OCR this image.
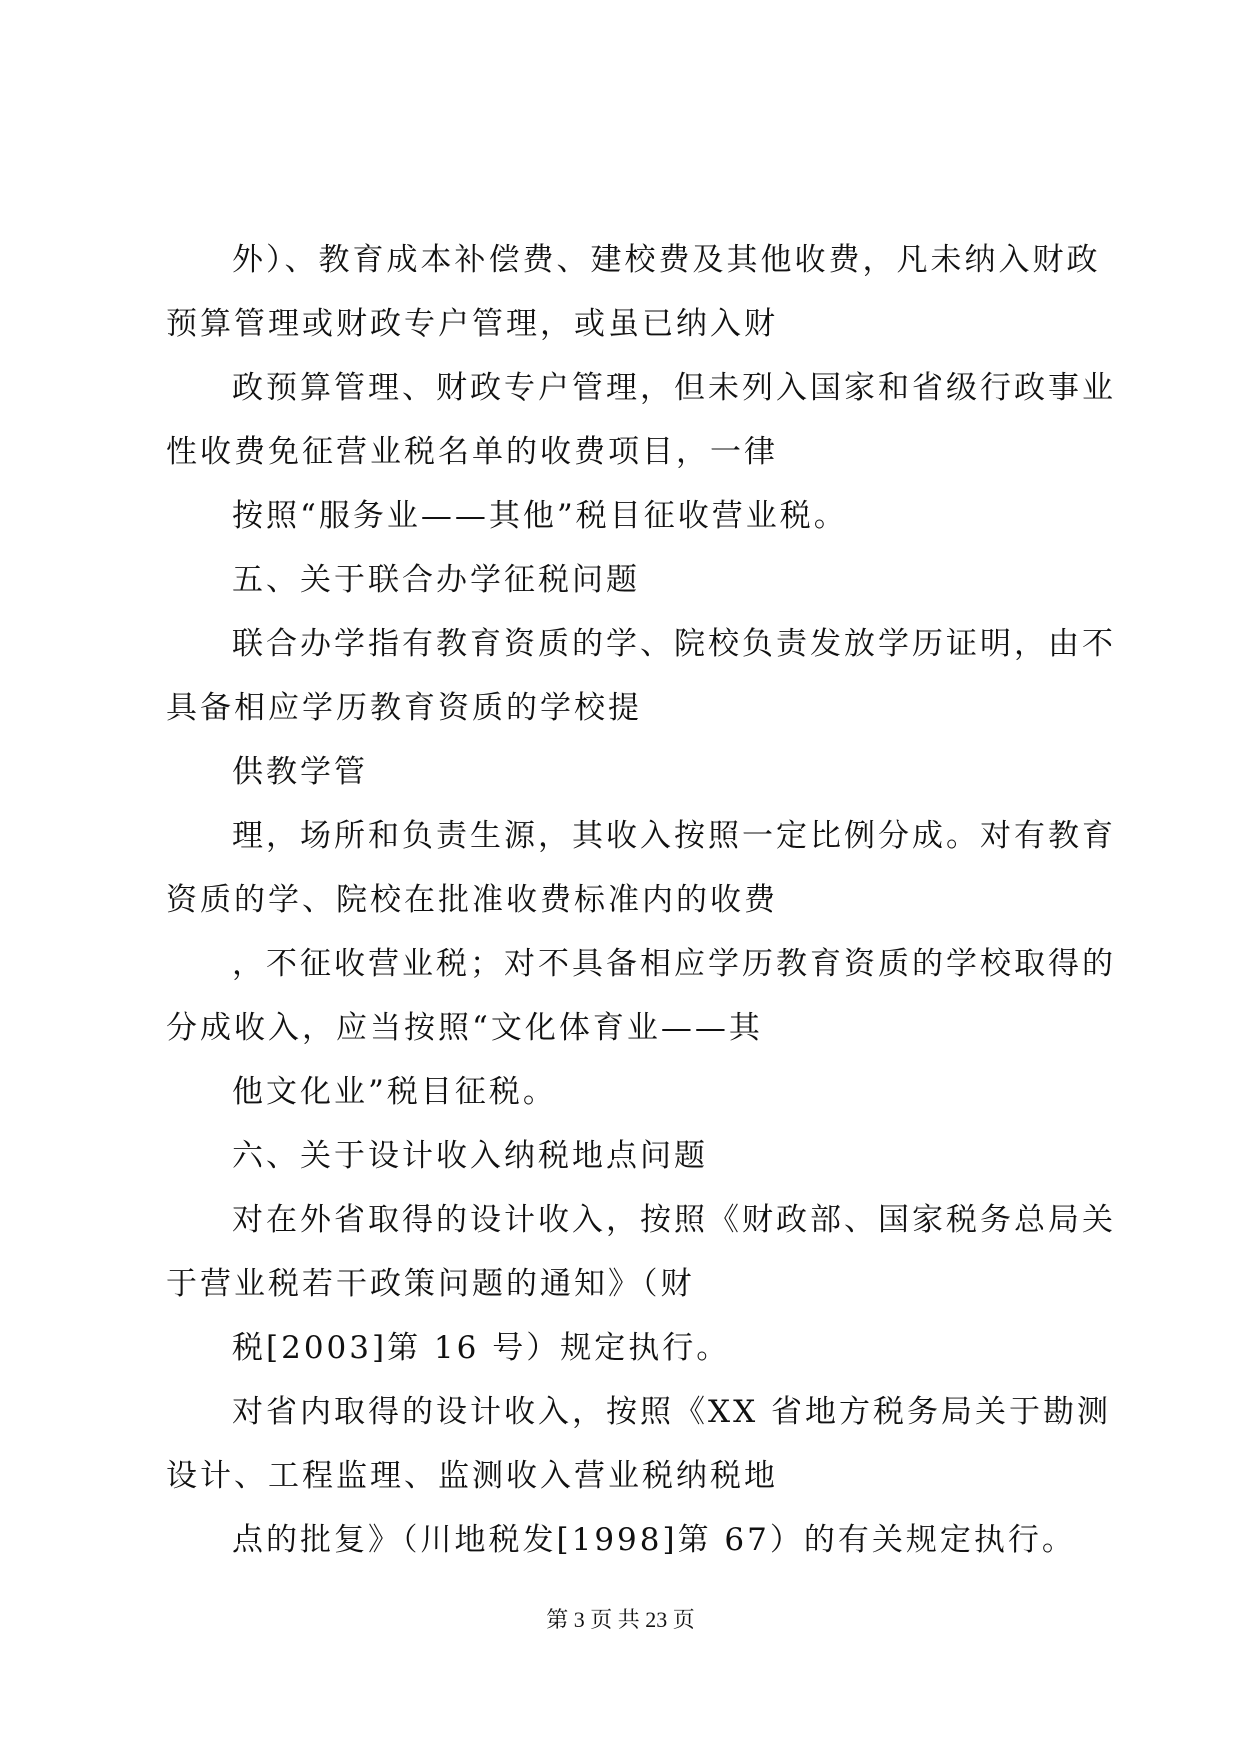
外）、教育成本补偿费、建校费及其他收费，凡未纳入财政

预算管理或财政专户管理，或虽已纳入财

政预算管理、财政专户管理，但未列入国家和省级行政事业

性收费免征营业税名单的收费项目，一律

按照“服务业——其他”税目征收营业税。

五、关于联合办学征税问题

联合办学指有教育资质的学、院校负责发放学历证明，由不

具备相应学历教育资质的学校提

供教学管

理，场所和负责生源，其收入按照一定比例分成。对有教育

资质的学、院校在批准收费标准内的收费

，不征收营业税；对不具备相应学历教育资质的学校取得的

分成收入，应当按照“文化体育业——其

他文化业”税目征税。

六、关于设计收入纳税地点问题

对在外省取得的设计收入，按照《财政部、国家税务总局关

于营业税若干政策问题的通知》（财

税[2003]第 16 号）规定执行。

对省内取得的设计收入，按照《XX 省地方税务局关于勘测

设计、工程监理、监测收入营业税纳税地

点的批复》（川地税发[1998]第 67）的有关规定执行。

第 3 页 共 23 页
